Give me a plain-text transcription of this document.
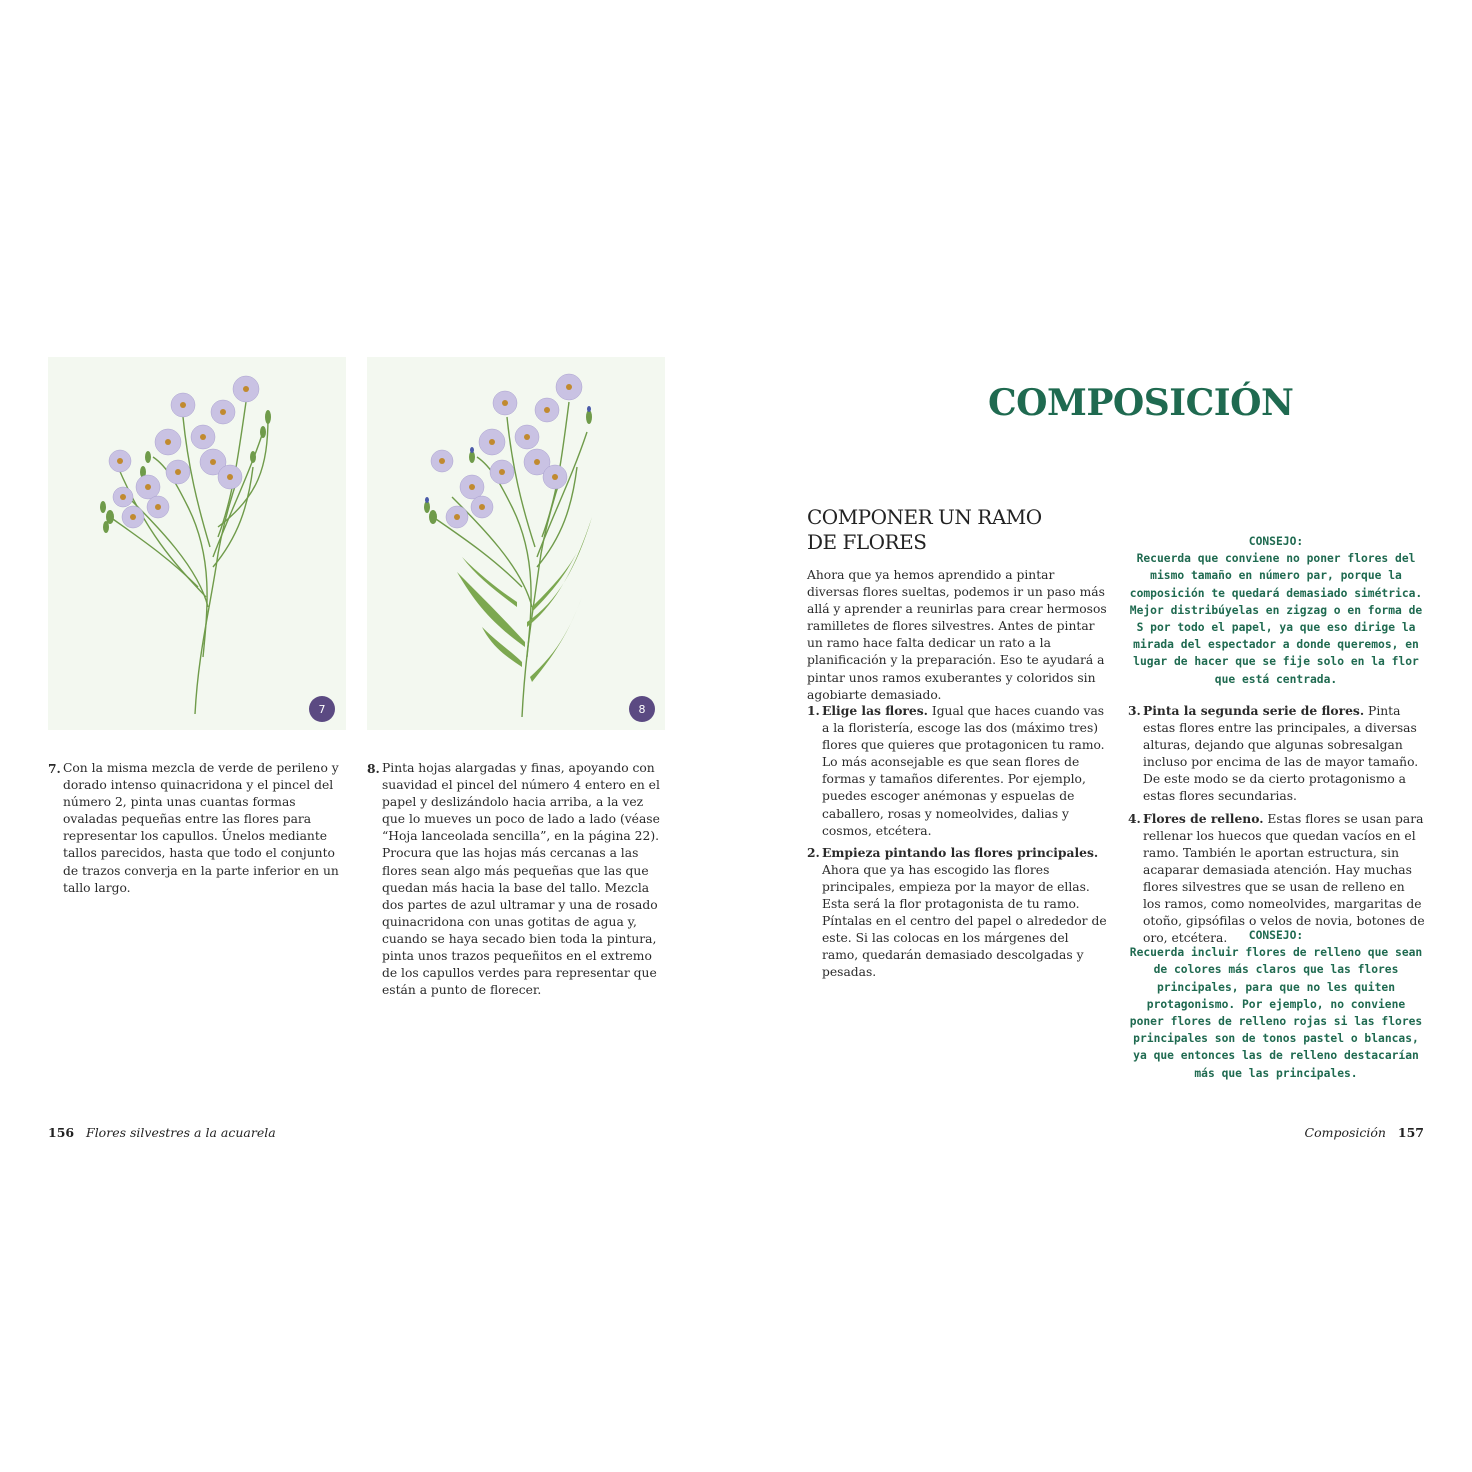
7	8
7. Con la misma mezcla de verde de perileno y dorado intenso quinacridona y el pincel del número 2, pinta unas cuantas formas ovaladas pequeñas entre las flores para representar los capullos. Únelos mediante tallos parecidos, hasta que todo el conjunto de trazos converja en la parte inferior en un tallo largo.
8. Pinta hojas alargadas y finas, apoyando con suavidad el pincel del número 4 entero en el papel y deslizándolo hacia arriba, a la vez que lo mueves un poco de lado a lado (véase “Hoja lanceolada sencilla”, en la página 22). Procura que las hojas más cercanas a las flores sean algo más pequeñas que las que quedan más hacia la base del tallo. Mezcla dos partes de azul ultramar y una de rosado quinacridona con unas gotitas de agua y, cuando se haya secado bien toda la pintura, pinta unos trazos pequeñitos en el extremo de los capullos verdes para representar que están a punto de florecer.
156 Flores silvestres a la acuarela
COMPOSICIÓN
COMPONER UN RAMO
DE FLORES
Ahora que ya hemos aprendido a pintar diversas flores sueltas, podemos ir un paso más allá y aprender a reunirlas para crear hermosos ramilletes de flores silvestres. Antes de pintar un ramo hace falta dedicar un rato a la planificación y la preparación. Eso te ayudará a pintar unos ramos exuberantes y coloridos sin agobiarte demasiado.
1. Elige las flores. Igual que haces cuando vas a la floristería, escoge las dos (máximo tres) flores que quieres que protagonicen tu ramo. Lo más aconsejable es que sean flores de formas y tamaños diferentes. Por ejemplo, puedes escoger anémonas y espuelas de caballero, rosas y nomeolvides, dalias y cosmos, etcétera.
2. Empieza pintando las flores principales. Ahora que ya has escogido las flores principales, empieza por la mayor de ellas. Esta será la flor protagonista de tu ramo. Píntalas en el centro del papel o alrededor de este. Si las colocas en los márgenes del ramo, quedarán demasiado descolgadas y pesadas.
CONSEJO:
Recuerda que conviene no poner flores del mismo tamaño en número par, porque la composición te quedará demasiado simétrica. Mejor distribúyelas en zigzag o en forma de S por todo el papel, ya que eso dirige la mirada del espectador a donde queremos, en lugar de hacer que se fije solo en la flor que está centrada.
3. Pinta la segunda serie de flores. Pinta estas flores entre las principales, a diversas alturas, dejando que algunas sobresalgan incluso por encima de las de mayor tamaño. De este modo se da cierto protagonismo a estas flores secundarias.
4. Flores de relleno. Estas flores se usan para rellenar los huecos que quedan vacíos en el ramo. También le aportan estructura, sin acaparar demasiada atención. Hay muchas flores silvestres que se usan de relleno en los ramos, como nomeolvides, margaritas de otoño, gipsófilas o velos de novia, botones de oro, etcétera.	CONSEJO:
Recuerda incluir flores de relleno que sean de colores más claros que las flores principales, para que no les quiten protagonismo. Por ejemplo, no conviene poner flores de relleno rojas si las flores principales son de tonos pastel o blancas, ya que entonces las de relleno destacarían más que las principales.
Composición 157
